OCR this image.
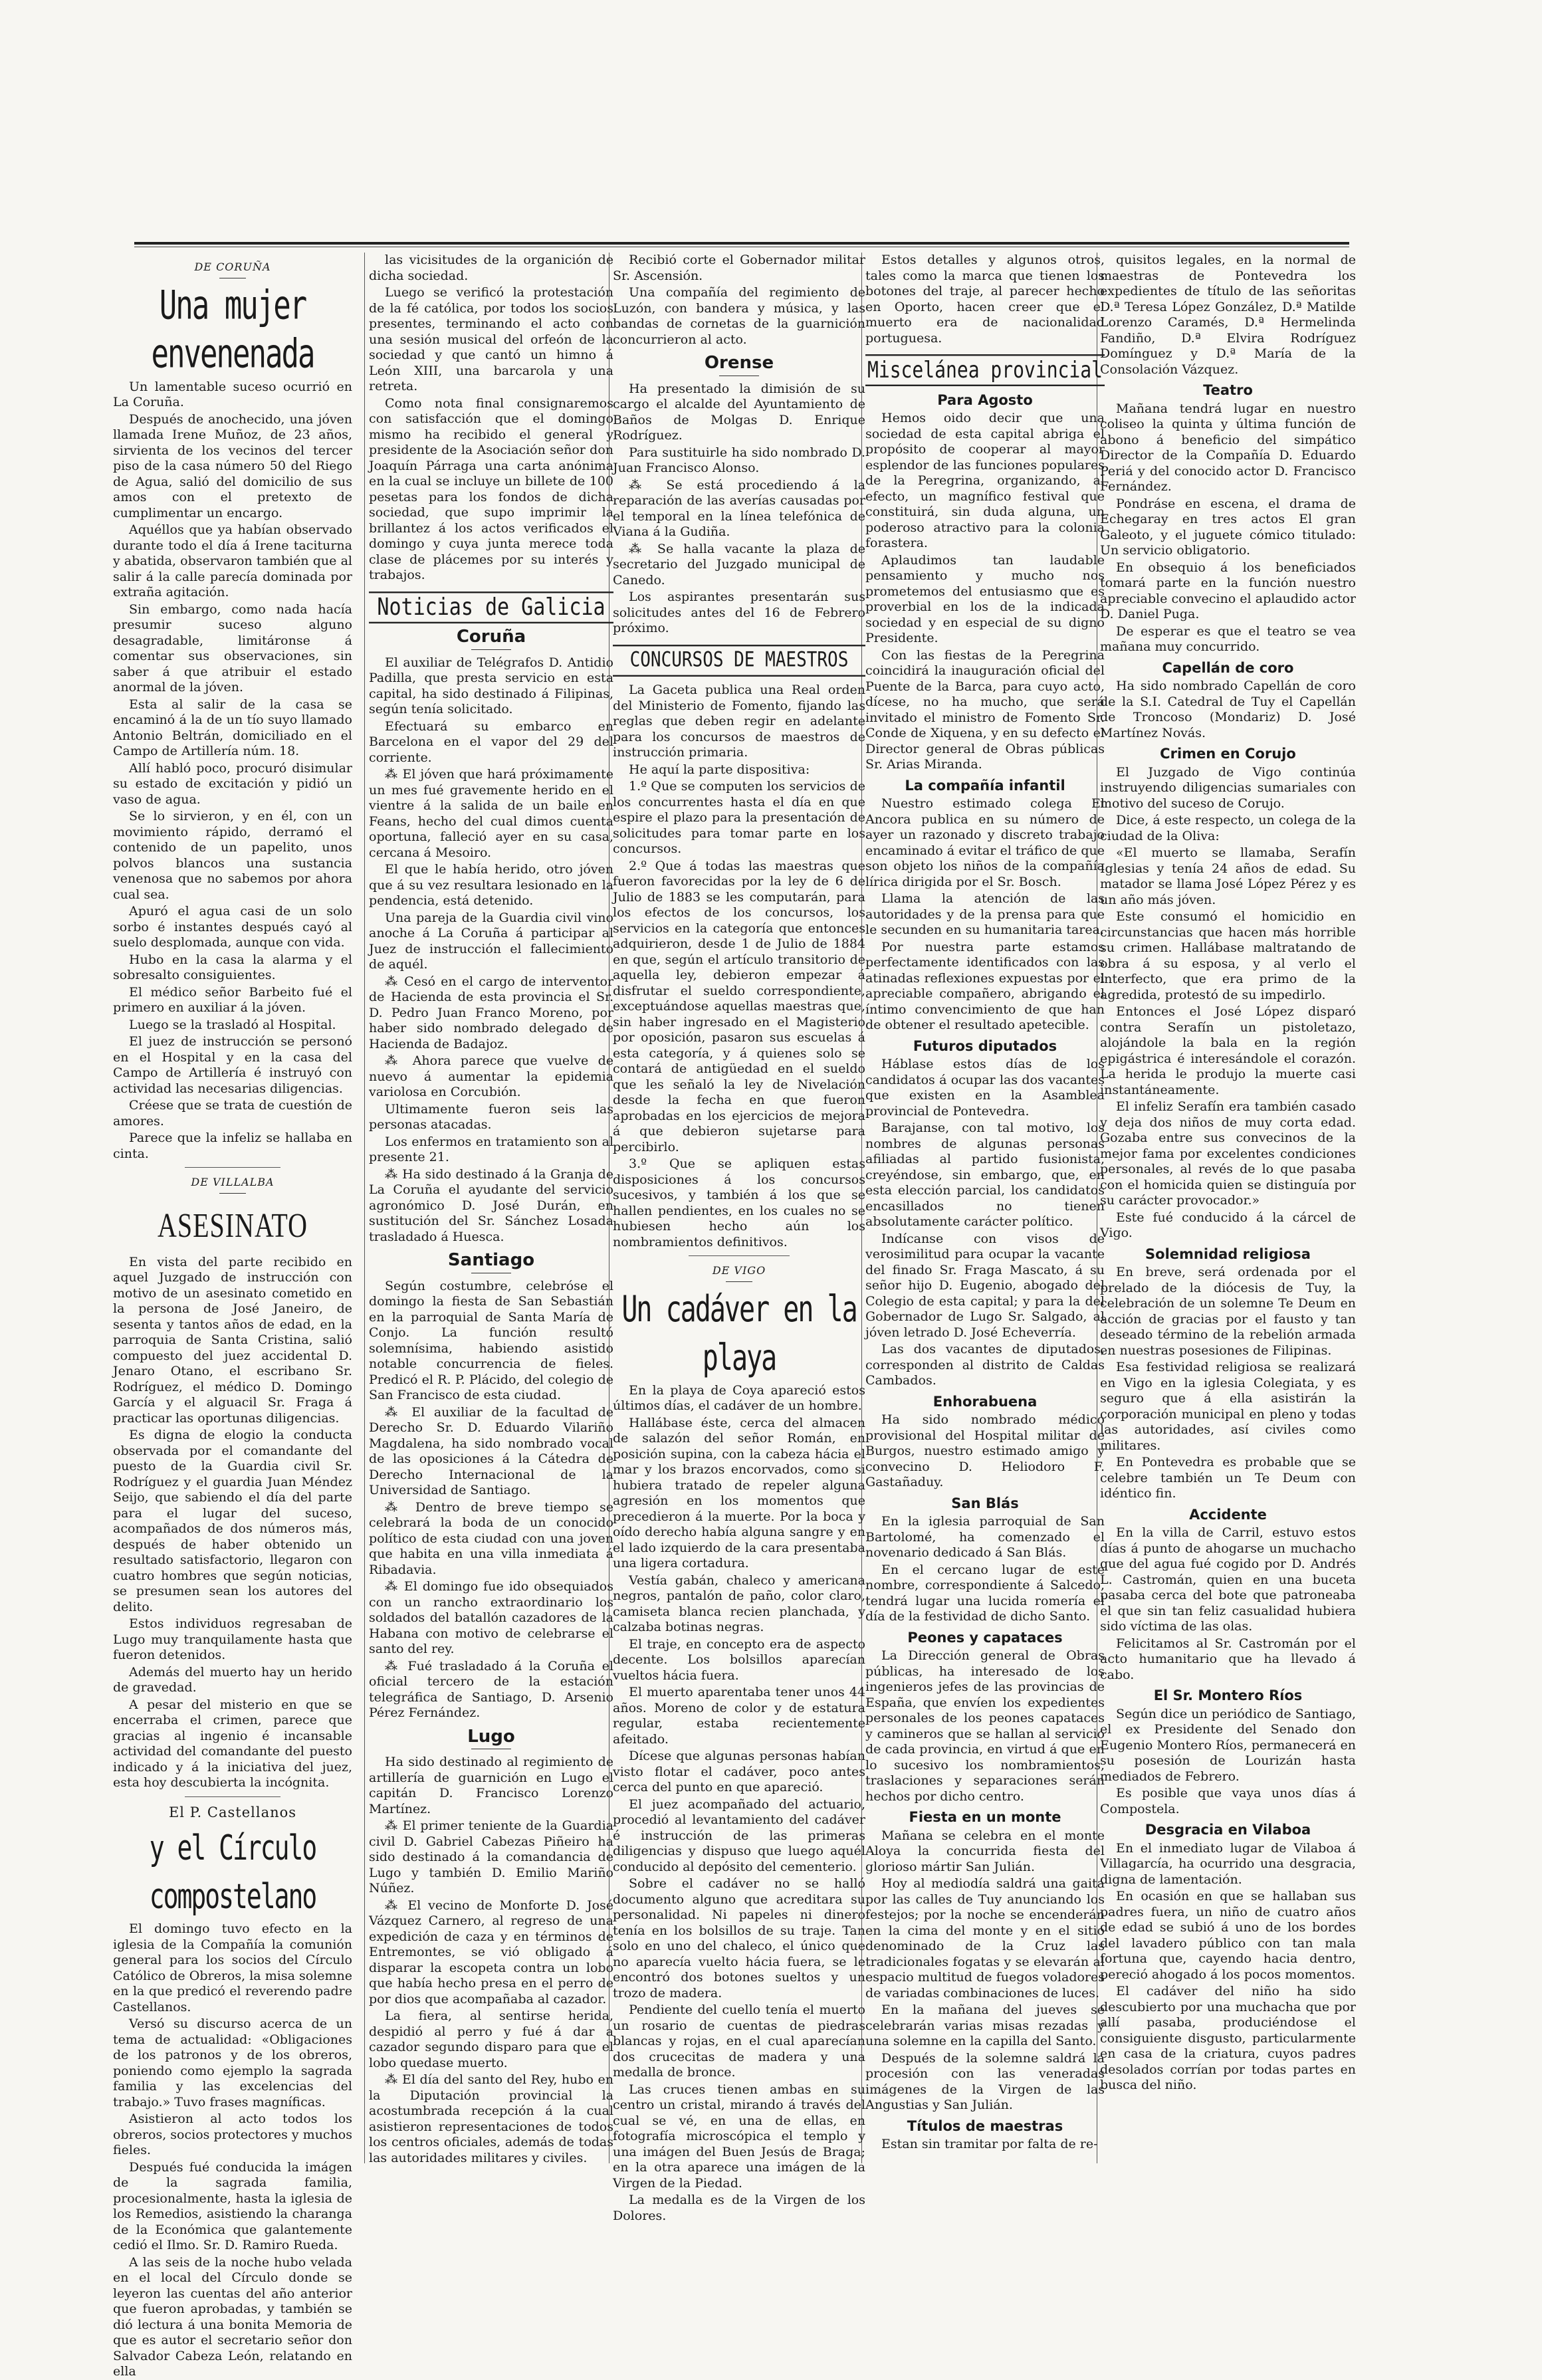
DE CORUÑA
Una mujer envenenada

Un lamentable suceso ocurrió en La Coruña.

Después de anochecido, una jóven llamada Irene Muñoz, de 23 años, sirvienta de los vecinos del tercer piso de la casa número 50 del Riego de Agua, salió del domicilio de sus amos con el pretexto de cumplimentar un encargo.

Aquéllos que ya habían observado durante todo el día á Irene taciturna y abatida, observaron también que al salir á la calle parecía dominada por extraña agitación.

Sin embargo, como nada hacía presumir suceso alguno desagradable, limitáronse á comentar sus observaciones, sin saber á que atribuir el estado anormal de la jóven.

Esta al salir de la casa se encaminó á la de un tío suyo llamado Antonio Beltrán, domiciliado en el Campo de Artillería núm. 18.

Allí habló poco, procuró disimular su estado de excitación y pidió un vaso de agua.

Se lo sirvieron, y en él, con un movimiento rápido, derramó el contenido de un papelito, unos polvos blancos una sustancia venenosa que no sabemos por ahora cual sea.

Apuró el agua casi de un solo sorbo é instantes después cayó al suelo desplomada, aunque con vida.

Hubo en la casa la alarma y el sobresalto consiguientes.

El médico señor Barbeito fué el primero en auxiliar á la jóven.

Luego se la trasladó al Hospital.

El juez de instrucción se personó en el Hospital y en la casa del Campo de Artillería é instruyó con actividad las necesarias diligencias.

Créese que se trata de cuestión de amores.

Parece que la infeliz se hallaba en cinta.

DE VILLALBA
ASESINATO

En vista del parte recibido en aquel Juzgado de instrucción con motivo de un asesinato cometido en la persona de José Janeiro, de sesenta y tantos años de edad, en la parroquia de Santa Cristina, salió compuesto del juez accidental D. Jenaro Otano, el escribano Sr. Rodríguez, el médico D. Domingo García y el alguacil Sr. Fraga á practicar las oportunas diligencias.

Es digna de elogio la conducta observada por el comandante del puesto de la Guardia civil Sr. Rodríguez y el guardia Juan Méndez Seijo, que sabiendo el día del parte para el lugar del suceso, acompañados de dos números más, después de haber obtenido un resultado satisfactorio, llegaron con cuatro hombres que según noticias, se presumen sean los autores del delito.

Estos individuos regresaban de Lugo muy tranquilamente hasta que fueron detenidos.

Además del muerto hay un herido de gravedad.

A pesar del misterio en que se encerraba el crimen, parece que gracias al ingenio é incansable actividad del comandante del puesto indicado y á la iniciativa del juez, esta hoy descubierta la incógnita.

El P. Castellanos
y el Círculo compostelano

El domingo tuvo efecto en la iglesia de la Compañía la comunión general para los socios del Círculo Católico de Obreros, la misa solemne en la que predicó el reverendo padre Castellanos.

Versó su discurso acerca de un tema de actualidad: «Obligaciones de los patronos y de los obreros, poniendo como ejemplo la sagrada familia y las excelencias del trabajo.» Tuvo frases magníficas.

Asistieron al acto todos los obreros, socios protectores y muchos fieles.

Después fué conducida la imágen de la sagrada familia, procesionalmente, hasta la iglesia de los Remedios, asistiendo la charanga de la Económica que galantemente cedió el Ilmo. Sr. D. Ramiro Rueda.

A las seis de la noche hubo velada en el local del Círculo donde se leyeron las cuentas del año anterior que fueron aprobadas, y también se dió lectura á una bonita Memoria de que es autor el secretario señor don Salvador Cabeza León, relatando en ella

las vicisitudes de la organición de dicha sociedad.

Luego se verificó la protestación de la fé católica, por todos los socios presentes, terminando el acto con una sesión musical del orfeón de la sociedad y que cantó un himno á León XIII, una barcarola y una retreta.

Como nota final consignaremos con satisfacción que el domingo mismo ha recibido el general y presidente de la Asociación señor don Joaquín Párraga una carta anónima en la cual se incluye un billete de 100 pesetas para los fondos de dicha sociedad, que supo imprimir la brillantez á los actos verificados el domingo y cuya junta merece toda clase de plácemes por su interés y trabajos.

Noticias de Galicia
Coruña

El auxiliar de Telégrafos D. Antidio Padilla, que presta servicio en esta capital, ha sido destinado á Filipinas, según tenía solicitado.

Efectuará su embarco en Barcelona en el vapor del 29 del corriente.

⁂ El jóven que hará próximamente un mes fué gravemente herido en el vientre á la salida de un baile en Feans, hecho del cual dimos cuenta oportuna, falleció ayer en su casa, cercana á Mesoiro.

El que le había herido, otro jóven que á su vez resultara lesionado en la pendencia, está detenido.

Una pareja de la Guardia civil vino anoche á La Coruña á participar al Juez de instrucción el fallecimiento de aquél.

⁂ Cesó en el cargo de interventor de Hacienda de esta provincia el Sr. D. Pedro Juan Franco Moreno, por haber sido nombrado delegado de Hacienda de Badajoz.

⁂ Ahora parece que vuelve de nuevo á aumentar la epidemia variolosa en Corcubión.

Ultimamente fueron seis las personas atacadas.

Los enfermos en tratamiento son al presente 21.

⁂ Ha sido destinado á la Granja de La Coruña el ayudante del servicio agronómico D. José Durán, en sustitución del Sr. Sánchez Losada trasladado á Huesca.

Santiago

Según costumbre, celebróse el domingo la fiesta de San Sebastián en la parroquial de Santa María de Conjo. La función resultó solemnísima, habiendo asistido notable concurrencia de fieles. Predicó el R. P. Plácido, del colegio de San Francisco de esta ciudad.

⁂ El auxiliar de la facultad de Derecho Sr. D. Eduardo Vilariño Magdalena, ha sido nombrado vocal de las oposiciones á la Cátedra de Derecho Internacional de la Universidad de Santiago.

⁂ Dentro de breve tiempo se celebrará la boda de un conocido político de esta ciudad con una joven que habita en una villa inmediata á Ribadavia.

⁂ El domingo fue ido obsequiados con un rancho extraordinario los soldados del batallón cazadores de la Habana con motivo de celebrarse el santo del rey.

⁂ Fué trasladado á la Coruña el oficial tercero de la estación telegráfica de Santiago, D. Arsenio Pérez Fernández.

Lugo

Ha sido destinado al regimiento de artillería de guarnición en Lugo el capitán D. Francisco Lorenzo Martínez.

⁂ El primer teniente de la Guardia civil D. Gabriel Cabezas Piñeiro ha sido destinado á la comandancia de Lugo y también D. Emilio Mariño Núñez.

⁂ El vecino de Monforte D. José Vázquez Carnero, al regreso de una expedición de caza y en términos de Entremontes, se vió obligado á disparar la escopeta contra un lobo que había hecho presa en el perro de por dios que acompañaba al cazador.

La fiera, al sentirse herida, despidió al perro y fué á dar a cazador segundo disparo para que el lobo quedase muerto.

⁂ El día del santo del Rey, hubo en la Diputación provincial la acostumbrada recepción á la cual asistieron representaciones de todos los centros oficiales, además de todas las autoridades militares y civiles.

Recibió corte el Gobernador militar Sr. Ascensión.

Una compañía del regimiento de Luzón, con bandera y música, y las bandas de cornetas de la guarnición concurrieron al acto.

Orense

Ha presentado la dimisión de su cargo el alcalde del Ayuntamiento de Baños de Molgas D. Enrique Rodríguez.

Para sustituirle ha sido nombrado D. Juan Francisco Alonso.

⁂ Se está procediendo á la reparación de las averías causadas por el temporal en la línea telefónica de Viana á la Gudiña.

⁂ Se halla vacante la plaza de secretario del Juzgado municipal de Canedo.

Los aspirantes presentarán sus solicitudes antes del 16 de Febrero próximo.

CONCURSOS DE MAESTROS

La Gaceta publica una Real orden del Ministerio de Fomento, fijando las reglas que deben regir en adelante para los concursos de maestros de instrucción primaria.

He aquí la parte dispositiva:

1.º Que se computen los servicios de los concurrentes hasta el día en que espire el plazo para la presentación de solicitudes para tomar parte en los concursos.

2.º Que á todas las maestras que fueron favorecidas por la ley de 6 de Julio de 1883 se les computarán, para los efectos de los concursos, los servicios en la categoría que entonces adquirieron, desde 1 de Julio de 1884 en que, según el artículo transitorio de aquella ley, debieron empezar á disfrutar el sueldo correspondiente, exceptuándose aquellas maestras que, sin haber ingresado en el Magisterio por oposición, pasaron sus escuelas á esta categoría, y á quienes solo se contará de antigüedad en el sueldo que les señaló la ley de Nivelación desde la fecha en que fueron aprobadas en los ejercicios de mejora á que debieron sujetarse para percibirlo.

3.º Que se apliquen estas disposiciones á los concursos sucesivos, y también á los que se hallen pendientes, en los cuales no se hubiesen hecho aún los nombramientos definitivos.

DE VIGO
Un cadáver en la playa

En la playa de Coya apareció estos últimos días, el cadáver de un hombre.

Hallábase éste, cerca del almacen de salazón del señor Román, en posición supina, con la cabeza hácia el mar y los brazos encorvados, como si hubiera tratado de repeler alguna agresión en los momentos que precedieron á la muerte. Por la boca y oído derecho había alguna sangre y en el lado izquierdo de la cara presentaba una ligera cortadura.

Vestía gabán, chaleco y americana negros, pantalón de paño, color claro, camiseta blanca recien planchada, y calzaba botinas negras.

El traje, en concepto era de aspecto decente. Los bolsillos aparecían vueltos hácia fuera.

El muerto aparentaba tener unos 44 años. Moreno de color y de estatura regular, estaba recientemente afeitado.

Dícese que algunas personas habían visto flotar el cadáver, poco antes cerca del punto en que apareció.

El juez acompañado del actuario, procedió al levantamiento del cadáver é instrucción de las primeras diligencias y dispuso que luego aquél conducido al depósito del cementerio.

Sobre el cadáver no se halló documento alguno que acreditara su personalidad. Ni papeles ni dinero tenía en los bolsillos de su traje. Tan solo en uno del chaleco, el único que no aparecía vuelto hácia fuera, se le encontró dos botones sueltos y un trozo de madera.

Pendiente del cuello tenía el muerto un rosario de cuentas de piedras blancas y rojas, en el cual aparecían dos crucecitas de madera y una medalla de bronce.

Las cruces tienen ambas en su centro un cristal, mirando á través del cual se vé, en una de ellas, en fotografía microscópica el templo y una imágen del Buen Jesús de Braga; en la otra aparece una imágen de la Virgen de la Piedad.

La medalla es de la Virgen de los Dolores.

Estos detalles y algunos otros, tales como la marca que tienen los botones del traje, al parecer hecho en Oporto, hacen creer que el muerto era de nacionalidad portuguesa.

Miscelánea provincial
Para Agosto

Hemos oido decir que una sociedad de esta capital abriga el propósito de cooperar al mayor esplendor de las funciones populares de la Peregrina, organizando, al efecto, un magnífico festival que constituirá, sin duda alguna, un poderoso atractivo para la colonia forastera.

Aplaudimos tan laudable pensamiento y mucho nos prometemos del entusiasmo que es proverbial en los de la indicada sociedad y en especial de su digno Presidente.

Con las fiestas de la Peregrina coincidirá la inauguración oficial del Puente de la Barca, para cuyo acto, dícese, no ha mucho, que será invitado el ministro de Fomento Sr. Conde de Xiquena, y en su defecto el Director general de Obras públicas Sr. Arias Miranda.

La compañía infantil

Nuestro estimado colega El Ancora publica en su número de ayer un razonado y discreto trabajo encaminado á evitar el tráfico de que son objeto los niños de la compañía lírica dirigida por el Sr. Bosch.

Llama la atención de las autoridades y de la prensa para que le secunden en su humanitaria tarea.

Por nuestra parte estamos perfectamente identificados con las atinadas reflexiones expuestas por el apreciable compañero, abrigando el íntimo convencimiento de que han de obtener el resultado apetecible.

Futuros diputados

Háblase estos días de los candidatos á ocupar las dos vacantes que existen en la Asamblea provincial de Pontevedra.

Barajanse, con tal motivo, los nombres de algunas personas afiliadas al partido fusionista, creyéndose, sin embargo, que, en esta elección parcial, los candidatos encasillados no tienen absolutamente carácter político.

Indícanse con visos de verosimilitud para ocupar la vacante del finado Sr. Fraga Mascato, á su señor hijo D. Eugenio, abogado del Colegio de esta capital; y para la del Gobernador de Lugo Sr. Salgado, al jóven letrado D. José Echeverría.

Las dos vacantes de diputados, corresponden al distrito de Caldas Cambados.

Enhorabuena

Ha sido nombrado médico provisional del Hospital militar de Burgos, nuestro estimado amigo y convecino D. Heliodoro F. Gastañaduy.

San Blás

En la iglesia parroquial de San Bartolomé, ha comenzado el novenario dedicado á San Blás.

En el cercano lugar de este nombre, correspondiente á Salcedo, tendrá lugar una lucida romería el día de la festividad de dicho Santo.

Peones y capataces

La Dirección general de Obras públicas, ha interesado de los ingenieros jefes de las provincias de España, que envíen los expedientes personales de los peones capataces y camineros que se hallan al servicio de cada provincia, en virtud á que en lo sucesivo los nombramientos, traslaciones y separaciones serán hechos por dicho centro.

Fiesta en un monte

Mañana se celebra en el monte Aloya la concurrida fiesta del glorioso mártir San Julián.

Hoy al mediodía saldrá una gaita por las calles de Tuy anunciando los festejos; por la noche se encenderán en la cima del monte y en el sitio denominado de la Cruz las tradicionales fogatas y se elevarán al espacio multitud de fuegos voladores de variadas combinaciones de luces.

En la mañana del jueves se celebrarán varias misas rezadas y una solemne en la capilla del Santo.

Después de la solemne saldrá la procesión con las veneradas imágenes de la Virgen de las Angustias y San Julián.

Títulos de maestras

Estan sin tramitar por falta de re-

quisitos legales, en la normal de maestras de Pontevedra los expedientes de título de las señoritas D.ª Teresa López González, D.ª Matilde Lorenzo Caramés, D.ª Hermelinda Fandiño, D.ª Elvira Rodríguez Domínguez y D.ª María de la Consolación Vázquez.

Teatro

Mañana tendrá lugar en nuestro coliseo la quinta y última función de abono á beneficio del simpático Director de la Compañía D. Eduardo Periá y del conocido actor D. Francisco Fernández.

Pondráse en escena, el drama de Echegaray en tres actos El gran Galeoto, y el juguete cómico titulado: Un servicio obligatorio.

En obsequio á los beneficiados tomará parte en la función nuestro apreciable convecino el aplaudido actor D. Daniel Puga.

De esperar es que el teatro se vea mañana muy concurrido.

Capellán de coro

Ha sido nombrado Capellán de coro de la S.I. Catedral de Tuy el Capellán de Troncoso (Mondariz) D. José Martínez Novás.

Crimen en Corujo

El Juzgado de Vigo continúa instruyendo diligencias sumariales con motivo del suceso de Corujo.

Dice, á este respecto, un colega de la ciudad de la Oliva:

«El muerto se llamaba, Serafín Iglesias y tenía 24 años de edad. Su matador se llama José López Pérez y es un año más jóven.

Este consumó el homicidio en circunstancias que hacen más horrible su crimen. Hallábase maltratando de obra á su esposa, y al verlo el interfecto, que era primo de la agredida, protestó de su impedirlo.

Entonces el José López disparó contra Serafín un pistoletazo, alojándole la bala en la región epigástrica é interesándole el corazón. La herida le produjo la muerte casi instantáneamente.

El infeliz Serafín era también casado y deja dos niños de muy corta edad. Gozaba entre sus convecinos de la mejor fama por excelentes condiciones personales, al revés de lo que pasaba con el homicida quien se distinguía por su carácter provocador.»

Este fué conducido á la cárcel de Vigo.

Solemnidad religiosa

En breve, será ordenada por el prelado de la diócesis de Tuy, la celebración de un solemne Te Deum en acción de gracias por el fausto y tan deseado término de la rebelión armada en nuestras posesiones de Filipinas.

Esa festividad religiosa se realizará en Vigo en la iglesia Colegiata, y es seguro que á ella asistirán la corporación municipal en pleno y todas las autoridades, así civiles como militares.

En Pontevedra es probable que se celebre también un Te Deum con idéntico fin.

Accidente

En la villa de Carril, estuvo estos días á punto de ahogarse un muchacho que del agua fué cogido por D. Andrés L. Castromán, quien en una buceta pasaba cerca del bote que patroneaba el que sin tan feliz casualidad hubiera sido víctima de las olas.

Felicitamos al Sr. Castromán por el acto humanitario que ha llevado á cabo.

El Sr. Montero Ríos

Según dice un periódico de Santiago, el ex Presidente del Senado don Eugenio Montero Ríos, permanecerá en su posesión de Lourizán hasta mediados de Febrero.

Es posible que vaya unos días á Compostela.

Desgracia en Vilaboa

En el inmediato lugar de Vilaboa á Villagarcía, ha ocurrido una desgracia, digna de lamentación.

En ocasión en que se hallaban sus padres fuera, un niño de cuatro años de edad se subió á uno de los bordes del lavadero público con tan mala fortuna que, cayendo hacia dentro, pereció ahogado á los pocos momentos.

El cadáver del niño ha sido descubierto por una muchacha que por allí pasaba, produciéndose el consiguiente disgusto, particularmente en casa de la criatura, cuyos padres desolados corrían por todas partes en busca del niño.
